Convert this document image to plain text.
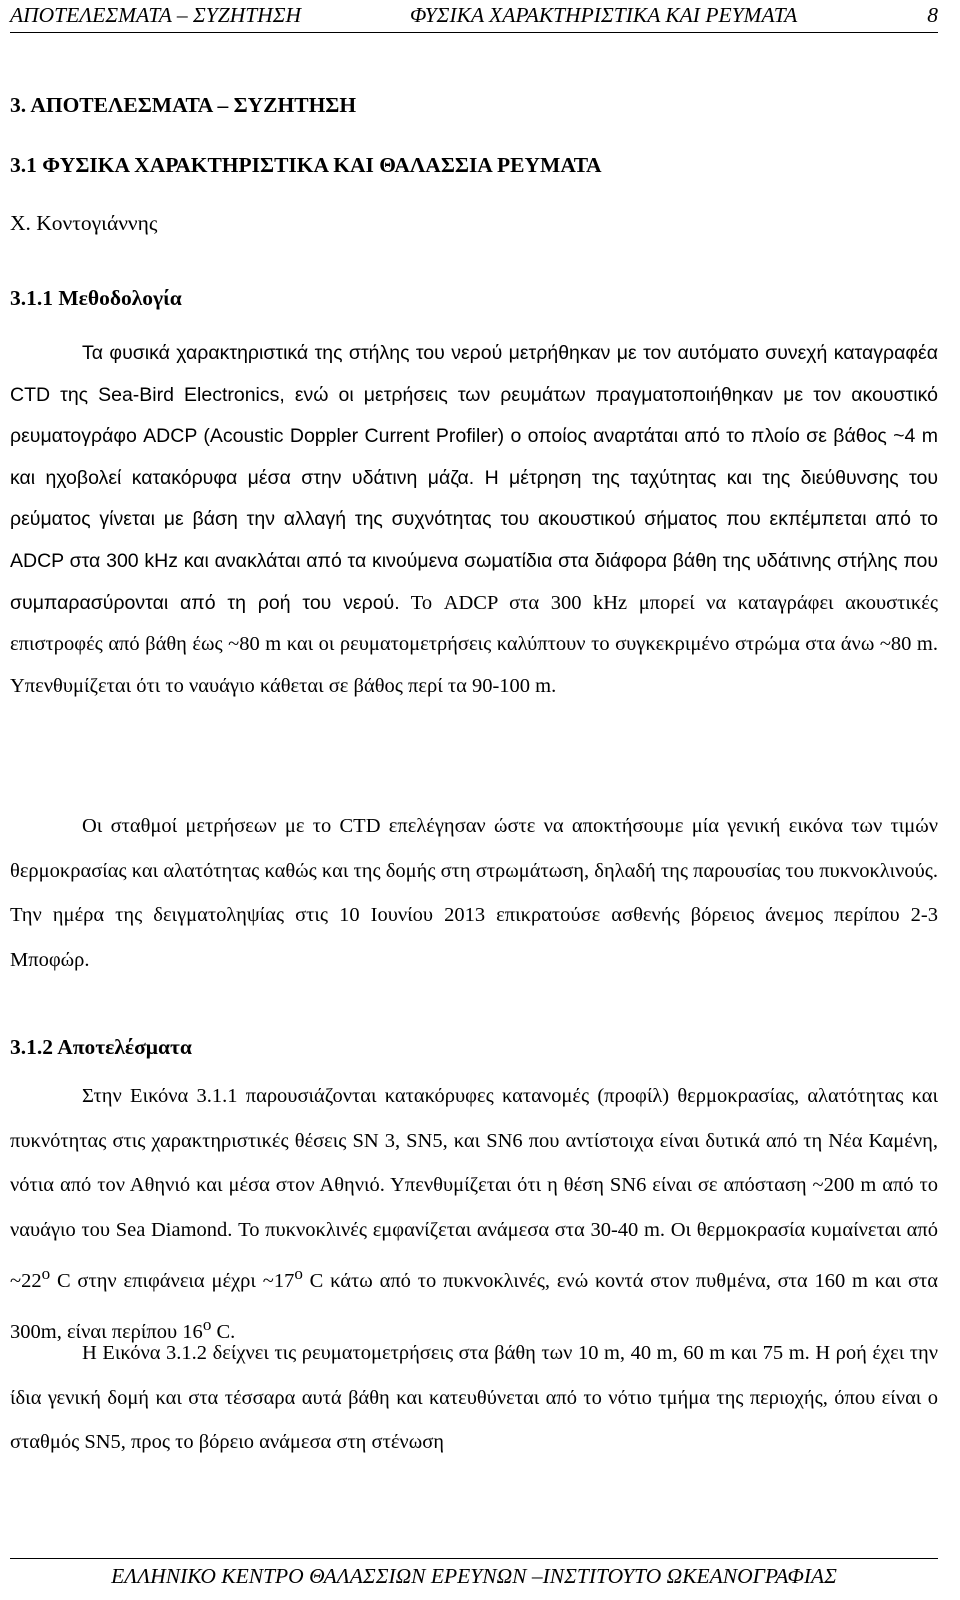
ΑΠΟΤΕΛΕΣΜΑΤΑ – ΣΥΖΗΤΗΣΗ	ΦΥΣΙΚΑ ΧΑΡΑΚΤΗΡΙΣΤΙΚΑ ΚΑΙ ΡΕΥΜΑΤΑ	8
3. ΑΠΟΤΕΛΕΣΜΑΤΑ – ΣΥΖΗΤΗΣΗ
3.1 ΦΥΣΙΚΑ ΧΑΡΑΚΤΗΡΙΣΤΙΚΑ ΚΑΙ ΘΑΛΑΣΣΙΑ ΡΕΥΜΑΤΑ
Χ. Κοντογιάννης
3.1.1 Μεθοδολογία

Τα φυσικά χαρακτηριστικά της στήλης του νερού μετρήθηκαν με τον αυτόματο συνεχή καταγραφέα CTD της Sea-Bird Electronics, ενώ οι μετρήσεις των ρευμάτων πραγματοποιήθηκαν με τον ακουστικό ρευματογράφο ADCP (Acoustic Doppler Current Profiler) ο οποίος αναρτάται από το πλοίο σε βάθος ~4 m και ηχοβολεί κατακόρυφα μέσα στην υδάτινη μάζα. Η μέτρηση της ταχύτητας και της διεύθυνσης του ρεύματος γίνεται με βάση την αλλαγή της συχνότητας του ακουστικού σήματος που εκπέμπεται από το ADCP στα 300 kHz και ανακλάται από τα κινούμενα σωματίδια στα διάφορα βάθη της υδάτινης στήλης που συμπαρασύρονται από τη ροή του νερού. Το ADCP στα 300 kHz μπορεί να καταγράφει ακουστικές επιστροφές από βάθη έως ~80 m και οι ρευματομετρήσεις καλύπτουν το συγκεκριμένο στρώμα στα άνω ~80 m. Υπενθυμίζεται ότι το ναυάγιο κάθεται σε βάθος περί τα 90-100 m.

Οι σταθμοί μετρήσεων με το CTD επελέγησαν ώστε να αποκτήσουμε μία γενική εικόνα των τιμών θερμοκρασίας και αλατότητας καθώς και της δομής στη στρωμάτωση, δηλαδή της παρουσίας του πυκνοκλινούς. Την ημέρα της δειγματοληψίας στις 10 Ιουνίου 2013 επικρατούσε ασθενής βόρειος άνεμος περίπου 2-3 Μποφώρ.

3.1.2 Αποτελέσματα

Στην Εικόνα 3.1.1 παρουσιάζονται κατακόρυφες κατανομές (προφίλ) θερμοκρασίας, αλατότητας και πυκνότητας στις χαρακτηριστικές θέσεις SN 3, SN5, και SN6 που αντίστοιχα είναι δυτικά από τη Νέα Καμένη, νότια από τον Αθηνιό και μέσα στον Αθηνιό. Υπενθυμίζεται ότι η θέση SN6 είναι σε απόσταση ~200 m από το ναυάγιο του Sea Diamond. Το πυκνοκλινές εμφανίζεται ανάμεσα στα 30-40 m. Οι θερμοκρασία κυμαίνεται από $\sim 22^o$ C στην επιφάνεια μέχρι $\sim 17^o$ C κάτω από το πυκνοκλινές, ενώ κοντά στον πυθμένα, στα 160 m και στα 300m, είναι περίπου $16^o$ C.

Η Εικόνα 3.1.2 δείχνει τις ρευματομετρήσεις στα βάθη των 10 m, 40 m, 60 m και 75 m. Η ροή έχει την ίδια γενική δομή και στα τέσσαρα αυτά βάθη και κατευθύνεται από το νότιο τμήμα της περιοχής, όπου είναι ο σταθμός SN5, προς το βόρειο ανάμεσα στη στένωση

ΕΛΛΗΝΙΚΟ ΚΕΝΤΡΟ ΘΑΛΑΣΣΙΩΝ ΕΡΕΥΝΩΝ –ΙΝΣΤΙΤΟΥΤΟ ΩΚΕΑΝΟΓΡΑΦΙΑΣ
